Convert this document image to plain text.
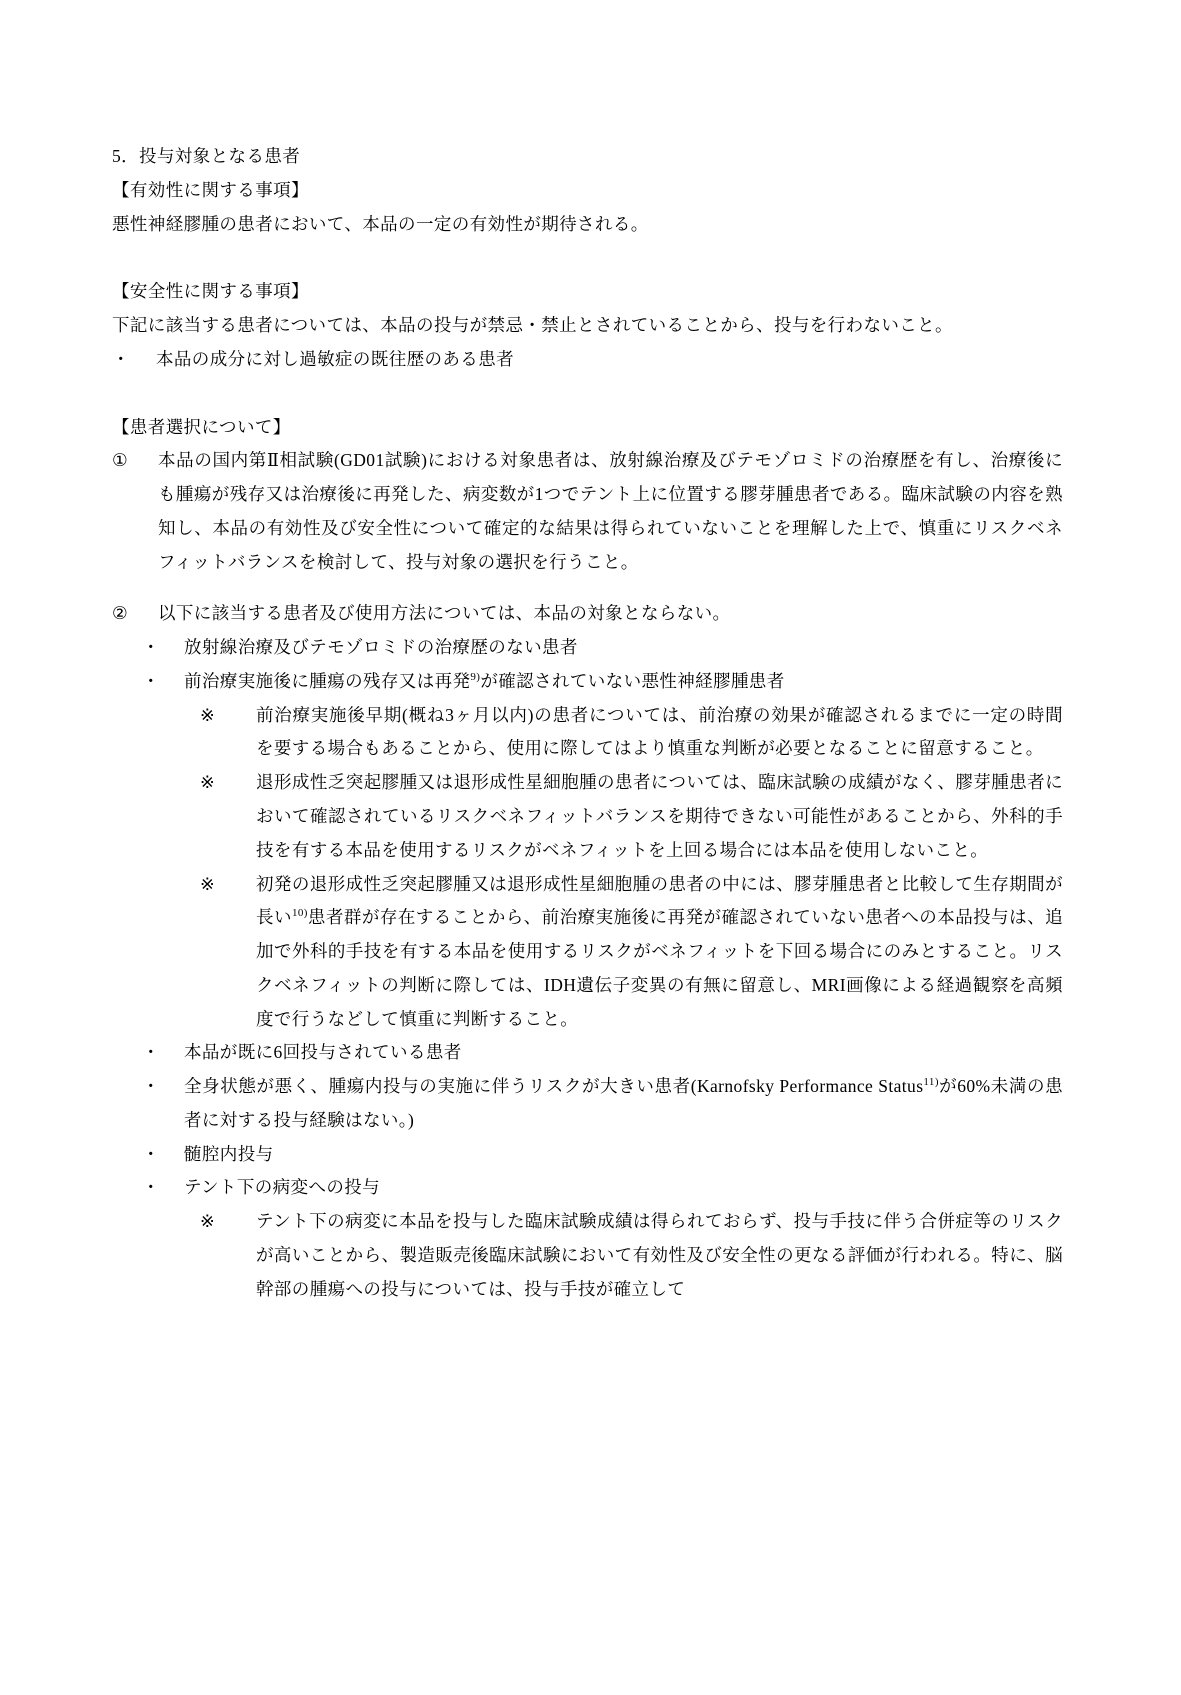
5．投与対象となる患者

【有効性に関する事項】

悪性神経膠腫の患者において、本品の一定の有効性が期待される。

【安全性に関する事項】

下記に該当する患者については、本品の投与が禁忌・禁止とされていることから、投与を行わないこと。

・	本品の成分に対し過敏症の既往歴のある患者

【患者選択について】

①	本品の国内第Ⅱ相試験(GD01試験)における対象患者は、放射線治療及びテモゾロミドの治療歴を有し、治療後にも腫瘍が残存又は治療後に再発した、病変数が1つでテント上に位置する膠芽腫患者である。臨床試験の内容を熟知し、本品の有効性及び安全性について確定的な結果は得られていないことを理解した上で、慎重にリスクベネフィットバランスを検討して、投与対象の選択を行うこと。
②	以下に該当する患者及び使用方法については、本品の対象とならない。
・	放射線治療及びテモゾロミドの治療歴のない患者
・	前治療実施後に腫瘍の残存又は再発$^{9)}$が確認されていない悪性神経膠腫患者
※	前治療実施後早期(概ね3ヶ月以内)の患者については、前治療の効果が確認されるまでに一定の時間を要する場合もあることから、使用に際してはより慎重な判断が必要となることに留意すること。
※	退形成性乏突起膠腫又は退形成性星細胞腫の患者については、臨床試験の成績がなく、膠芽腫患者において確認されているリスクベネフィットバランスを期待できない可能性があることから、外科的手技を有する本品を使用するリスクがベネフィットを上回る場合には本品を使用しないこと。
※	初発の退形成性乏突起膠腫又は退形成性星細胞腫の患者の中には、膠芽腫患者と比較して生存期間が長い$^{10)}$患者群が存在することから、前治療実施後に再発が確認されていない患者への本品投与は、追加で外科的手技を有する本品を使用するリスクがベネフィットを下回る場合にのみとすること。リスクベネフィットの判断に際しては、IDH遺伝子変異の有無に留意し、MRI画像による経過観察を高頻度で行うなどして慎重に判断すること。
・	本品が既に6回投与されている患者
・	全身状態が悪く、腫瘍内投与の実施に伴うリスクが大きい患者(Karnofsky Performance Status$^{11)}$が60%未満の患者に対する投与経験はない。)
・	髄腔内投与
・	テント下の病変への投与
※	テント下の病変に本品を投与した臨床試験成績は得られておらず、投与手技に伴う合併症等のリスクが高いことから、製造販売後臨床試験において有効性及び安全性の更なる評価が行われる。特に、脳幹部の腫瘍への投与については、投与手技が確立して
